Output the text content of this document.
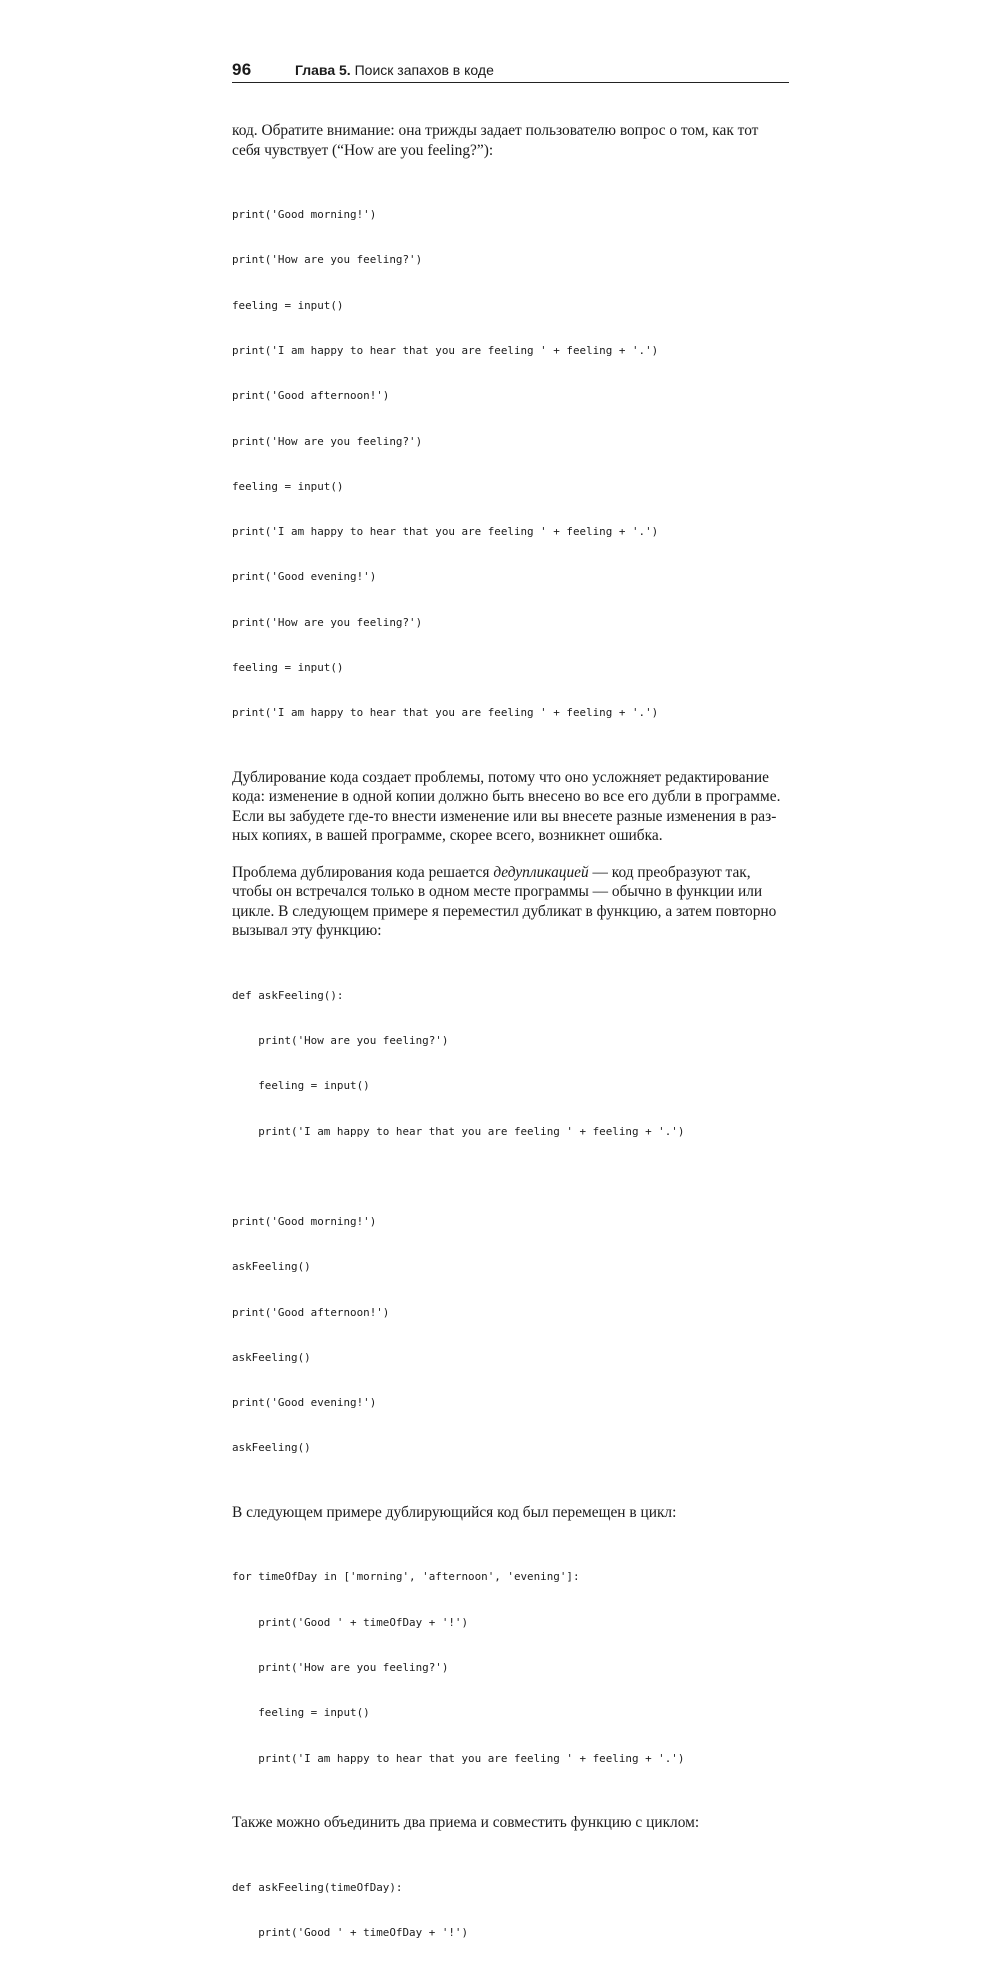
96	Глава 5. Поиск запахов в коде

код. Обратите внимание: она трижды задает пользователю вопрос о том, как тот
себя чувствует (“How are you feeling?”):

print('Good morning!')

print('How are you feeling?')

feeling = input()

print('I am happy to hear that you are feeling ' + feeling + '.')

print('Good afternoon!')

print('How are you feeling?')

feeling = input()

print('I am happy to hear that you are feeling ' + feeling + '.')

print('Good evening!')

print('How are you feeling?')

feeling = input()

print('I am happy to hear that you are feeling ' + feeling + '.')

Дублирование кода создает проблемы, потому что оно усложняет редактирование
кода: изменение в одной копии должно быть внесено во все его дубли в программе.
Если вы забудете где-то внести изменение или вы внесете разные изменения в раз-
ных копиях, в вашей программе, скорее всего, возникнет ошибка.

Проблема дублирования кода решается дедупликацией — код преобразуют так,
чтобы он встречался только в одном месте программы — обычно в функции или
цикле. В следующем примере я переместил дубликат в функцию, а затем повторно
вызывал эту функцию:

def askFeeling():

print('How are you feeling?')

feeling = input()

print('I am happy to hear that you are feeling ' + feeling + '.')

print('Good morning!')

askFeeling()

print('Good afternoon!')

askFeeling()

print('Good evening!')

askFeeling()

В следующем примере дублирующийся код был перемещен в цикл:

for timeOfDay in ['morning', 'afternoon', 'evening']:

print('Good ' + timeOfDay + '!')

print('How are you feeling?')

feeling = input()

print('I am happy to hear that you are feeling ' + feeling + '.')

Также можно объединить два приема и совместить функцию с циклом:

def askFeeling(timeOfDay):

print('Good ' + timeOfDay + '!')
